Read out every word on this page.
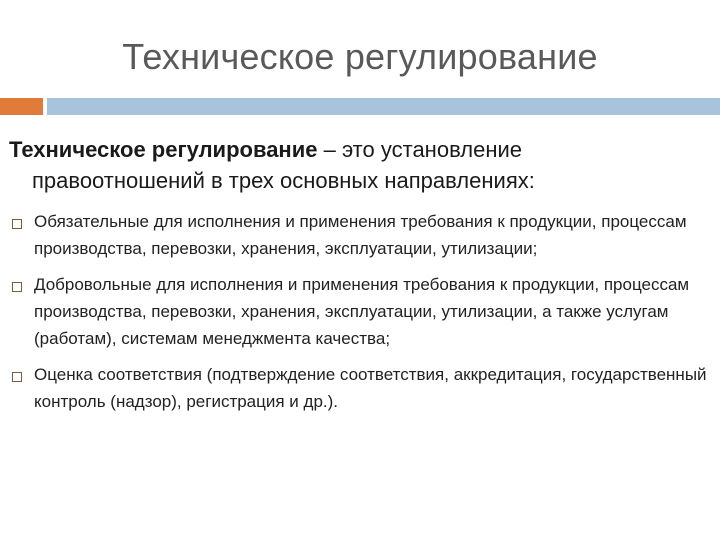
Техническое регулирование
Техническое регулирование – это установление
правоотношений в трех основных направлениях:
Обязательные для исполнения и применения требования к продукции, процессам производства, перевозки, хранения, эксплуатации, утилизации;
Добровольные для исполнения и применения требования к продукции, процессам производства, перевозки, хранения, эксплуатации, утилизации, а также услугам (работам), системам менеджмента качества;
Оценка соответствия (подтверждение соответствия, аккредитация, государственный контроль (надзор), регистрация и др.).
